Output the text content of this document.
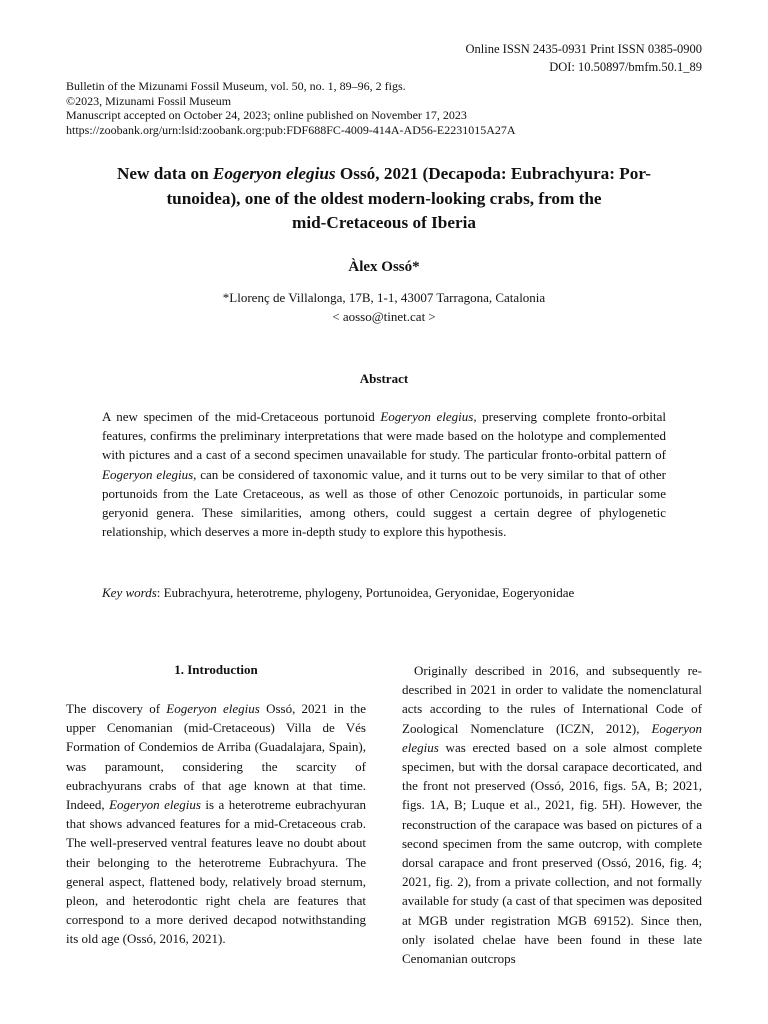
Online ISSN 2435-0931 Print ISSN 0385-0900
DOI: 10.50897/bmfm.50.1_89
Bulletin of the Mizunami Fossil Museum, vol. 50, no. 1, 89–96, 2 figs.
©2023, Mizunami Fossil Museum
Manuscript accepted on October 24, 2023; online published on November 17, 2023
https://zoobank.org/urn:lsid:zoobank.org:pub:FDF688FC-4009-414A-AD56-E2231015A27A
New data on Eogeryon elegius Ossó, 2021 (Decapoda: Eubrachyura: Por-
tunoidea), one of the oldest modern-looking crabs, from the
mid-Cretaceous of Iberia
Àlex Ossó*
*Llorenç de Villalonga, 17B, 1-1, 43007 Tarragona, Catalonia
< aosso@tinet.cat >
Abstract
A new specimen of the mid-Cretaceous portunoid Eogeryon elegius, preserving complete fronto-orbital features, confirms the preliminary interpretations that were made based on the holotype and complemented with pictures and a cast of a second specimen unavailable for study. The particular fronto-orbital pattern of Eogeryon elegius, can be considered of taxonomic value, and it turns out to be very similar to that of other portunoids from the Late Cretaceous, as well as those of other Cenozoic portunoids, in particular some geryonid genera. These similarities, among others, could suggest a certain degree of phylogenetic relationship, which deserves a more in-depth study to explore this hypothesis.
Key words: Eubrachyura, heterotreme, phylogeny, Portunoidea, Geryonidae, Eogeryonidae
1. Introduction
The discovery of Eogeryon elegius Ossó, 2021 in the upper Cenomanian (mid-Cretaceous) Villa de Vés Formation of Condemios de Arriba (Guadalajara, Spain), was paramount, considering the scarcity of eubrachyurans crabs of that age known at that time. Indeed, Eogeryon elegius is a heterotreme eubrachyuran that shows advanced features for a mid-Cretaceous crab. The well-preserved ventral features leave no doubt about their belonging to the heterotreme Eubrachyura. The general aspect, flattened body, relatively broad sternum, pleon, and heterodontic right chela are features that correspond to a more derived decapod notwithstanding its old age (Ossó, 2016, 2021).
Originally described in 2016, and subsequently re-described in 2021 in order to validate the nomenclatural acts according to the rules of International Code of Zoological Nomenclature (ICZN, 2012), Eogeryon elegius was erected based on a sole almost complete specimen, but with the dorsal carapace decorticated, and the front not preserved (Ossó, 2016, figs. 5A, B; 2021, figs. 1A, B; Luque et al., 2021, fig. 5H). However, the reconstruction of the carapace was based on pictures of a second specimen from the same outcrop, with complete dorsal carapace and front preserved (Ossó, 2016, fig. 4; 2021, fig. 2), from a private collection, and not formally available for study (a cast of that specimen was deposited at MGB under registration MGB 69152). Since then, only isolated chelae have been found in these late Cenomanian outcrops
